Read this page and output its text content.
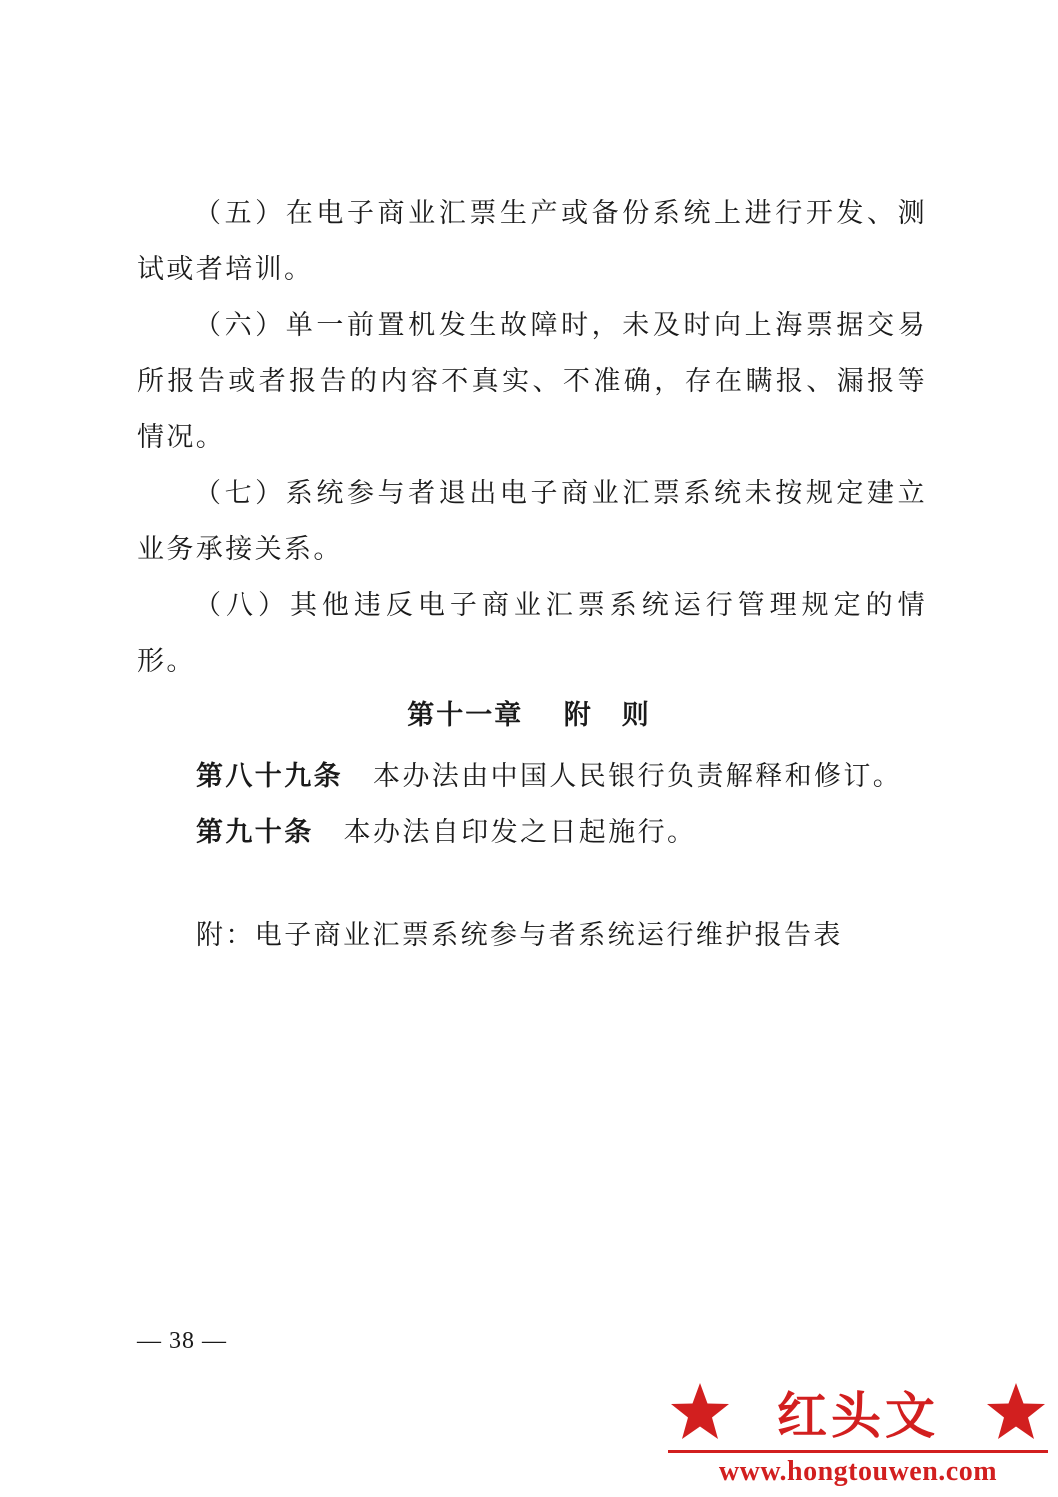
（五）在电子商业汇票生产或备份系统上进行开发、测试或者培训。

（六）单一前置机发生故障时，未及时向上海票据交易所报告或者报告的内容不真实、不准确，存在瞒报、漏报等情况。

（七）系统参与者退出电子商业汇票系统未按规定建立业务承接关系。

（八）其他违反电子商业汇票系统运行管理规定的情形。

第十一章　 附　则
第八十九条 本办法由中国人民银行负责解释和修订。
第九十条 本办法自印发之日起施行。
附：电子商业汇票系统参与者系统运行维护报告表
— 38 —
红头文
www.hongtouwen.com
